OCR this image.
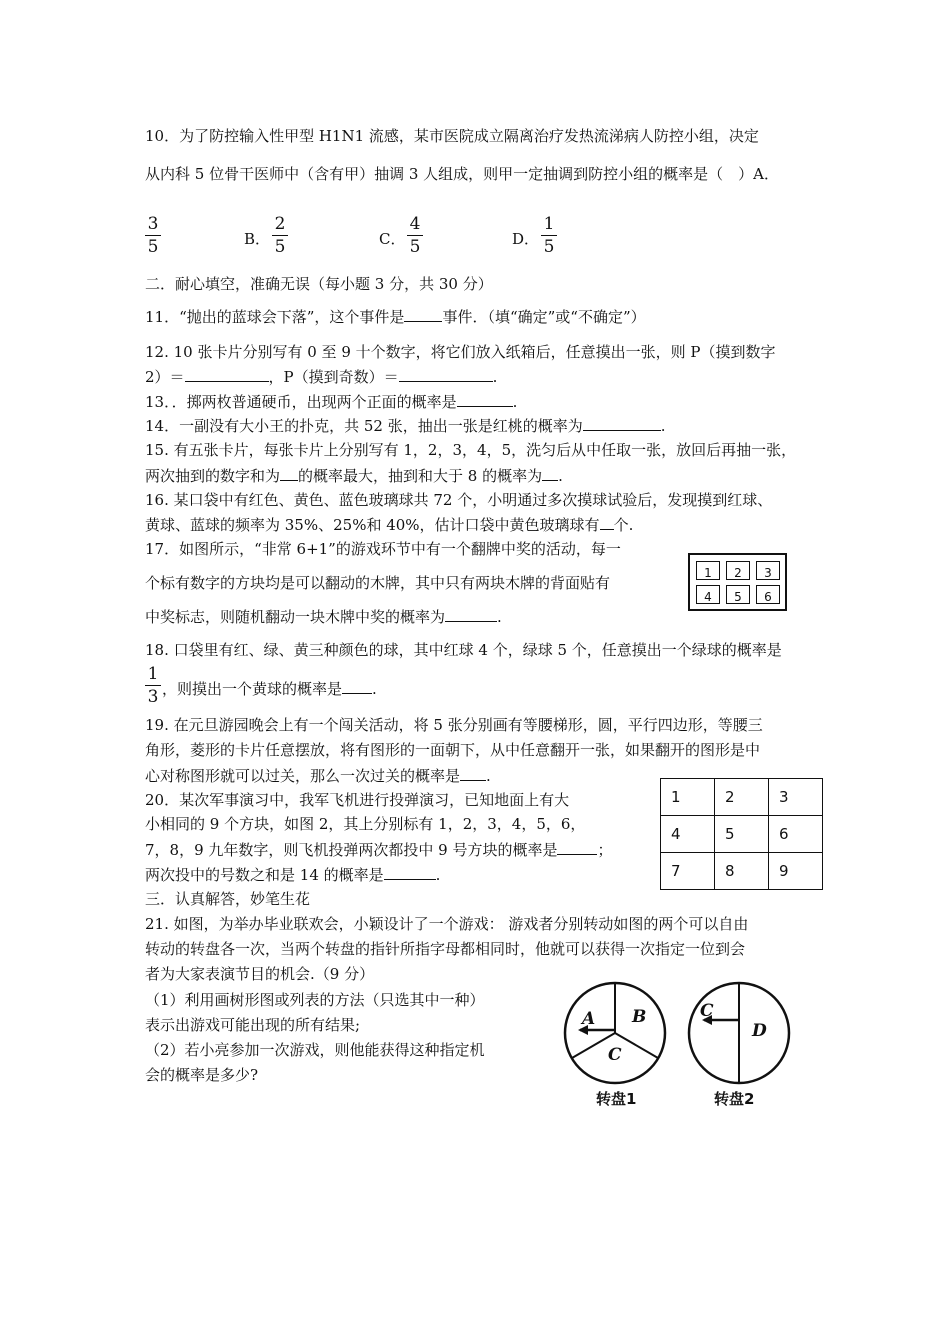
10．为了防控输入性甲型 H1N1 流感，某市医院成立隔离治疗发热流涕病人防控小组，决定
从内科 5 位骨干医师中（含有甲）抽调 3 人组成，则甲一定抽调到防控小组的概率是（　）A．
3
5	B．
2
5	C．
4
5	D．
1
5
二．耐心填空，准确无误（每小题 3 分，共 30 分）
11．“抛出的蓝球会下落”，这个事件是	事件．（填“确定”或“不确定”）
12. 10 张卡片分别写有 0 至 9 十个数字，将它们放入纸箱后，任意摸出一张，则 P（摸到数字
2）＝	，P（摸到奇数）＝	.
13．．掷两枚普通硬币，出现两个正面的概率是	.
14．一副没有大小王的扑克，共 52 张，抽出一张是红桃的概率为	.
15. 有五张卡片，每张卡片上分别写有 1，2，3，4，5，洗匀后从中任取一张，放回后再抽一张，
两次抽到的数字和为 的概率最大，抽到和大于 8 的概率为 .
16. 某口袋中有红色、黄色、蓝色玻璃球共 72 个，小明通过多次摸球试验后，发现摸到红球、
黄球、蓝球的频率为 35%、25%和 40%，估计口袋中黄色玻璃球有 个.
17．如图所示，“非常 6+1”的游戏环节中有一个翻牌中奖的活动，每一
个标有数字的方块均是可以翻动的木牌，其中只有两块木牌的背面贴有
中奖标志，则随机翻动一块木牌中奖的概率为	.
1	2	3
4	5	6
18. 口袋里有红、绿、黄三种颜色的球，其中红球 4 个，绿球 5 个，任意摸出一个绿球的概率是
1
3 ，则摸出一个黄球的概率是 .
19. 在元旦游园晚会上有一个闯关活动，将 5 张分别画有等腰梯形，圆，平行四边形，等腰三
角形，菱形的卡片任意摆放，将有图形的一面朝下，从中任意翻开一张，如果翻开的图形是中
心对称图形就可以过关，那么一次过关的概率是 .
20．某次军事演习中，我军飞机进行投弹演习，已知地面上有大
小相同的 9 个方块，如图 2，其上分别标有 1，2，3，4，5，6，
7，8，9 九年数字，则飞机投弹两次都投中 9 号方块的概率是	；
两次投中的号数之和是 14 的概率是	.
1	2	3
4	5	6
7	8	9
三．认真解答，妙笔生花
21. 如图，为举办毕业联欢会，小颖设计了一个游戏： 游戏者分别转动如图的两个可以自由
转动的转盘各一次，当两个转盘的指针所指字母都相同时，他就可以获得一次指定一位到会
者为大家表演节目的机会.（9 分）
（1）利用画树形图或列表的方法（只选其中一种）
表示出游戏可能出现的所有结果;
（2）若小亮参加一次游戏，则他能获得这种指定机
会的概率是多少?
A B
C
转盘1
C
D
转盘2
